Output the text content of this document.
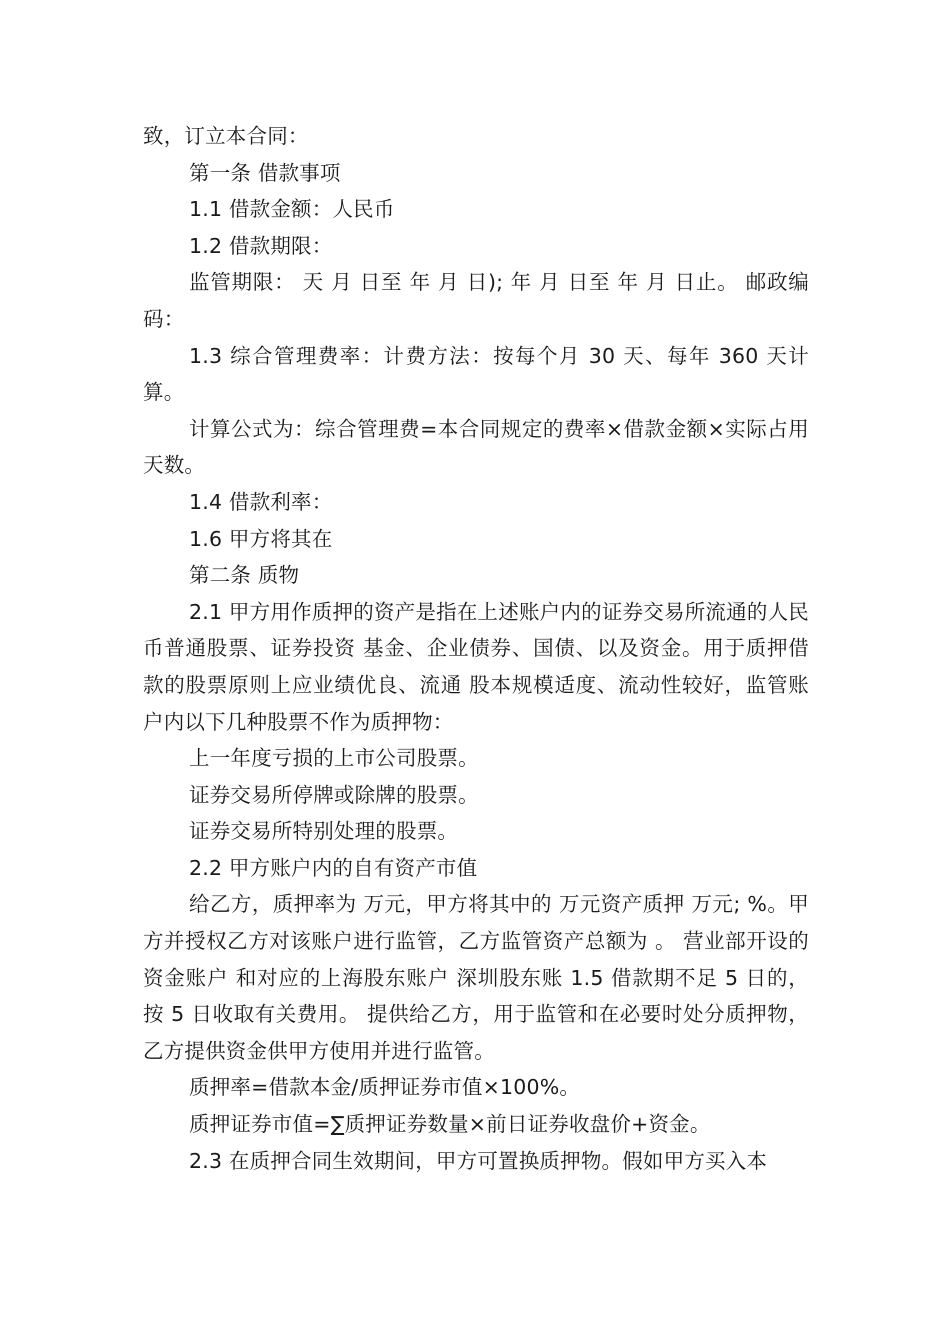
致，订立本合同：

第一条 借款事项

1.1 借款金额：人民币

1.2 借款期限：

监管期限： 天 月 日至 年 月 日); 年 月 日至 年 月 日止。 邮政编码：

1.3 综合管理费率：计费方法：按每个月 30 天、每年 360 天计算。

计算公式为：综合管理费=本合同规定的费率×借款金额×实际占用天数。

1.4 借款利率：

1.6 甲方将其在

第二条 质物

2.1 甲方用作质押的资产是指在上述账户内的证券交易所流通的人民币普通股票、证券投资 基金、企业债券、国债、以及资金。用于质押借款的股票原则上应业绩优良、流通 股本规模适度、流动性较好，监管账户内以下几种股票不作为质押物：

上一年度亏损的上市公司股票。

证券交易所停牌或除牌的股票。

证券交易所特别处理的股票。

2.2 甲方账户内的自有资产市值

给乙方，质押率为 万元，甲方将其中的 万元资产质押 万元; %。甲方并授权乙方对该账户进行监管，乙方监管资产总额为 。 营业部开设的资金账户 和对应的上海股东账户 深圳股东账 1.5 借款期不足 5 日的，按 5 日收取有关费用。 提供给乙方，用于监管和在必要时处分质押物，乙方提供资金供甲方使用并进行监管。

质押率=借款本金/质押证券市值×100%。

质押证券市值=∑质押证券数量×前日证券收盘价+资金。

2.3 在质押合同生效期间，甲方可置换质押物。假如甲方买入本
